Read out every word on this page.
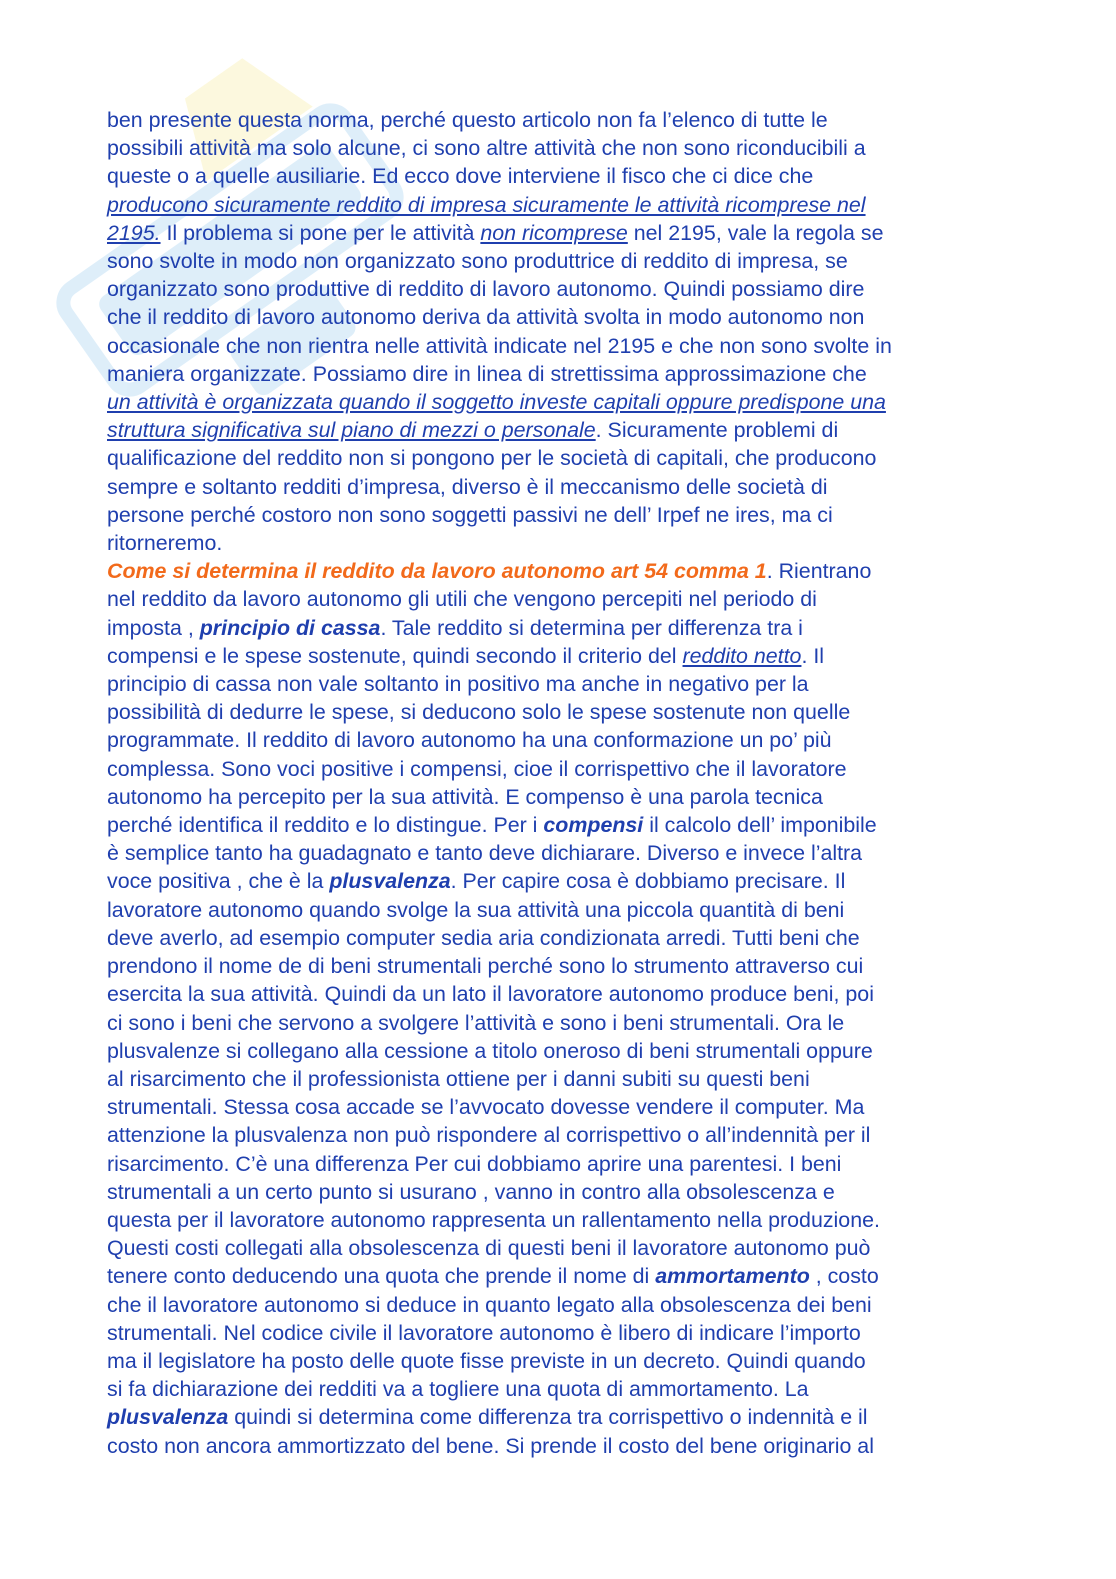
ben presente questa norma, perché questo articolo non fa l’elenco di tutte le
possibili attività ma solo alcune, ci sono altre attività che non sono riconducibili a
queste o a quelle ausiliarie. Ed ecco dove interviene il fisco che ci dice che
producono sicuramente reddito di impresa sicuramente le attività ricomprese nel
2195. Il problema si pone per le attività non ricomprese nel 2195, vale la regola se
sono svolte in modo non organizzato sono produttrice di reddito di impresa, se
organizzato sono produttive di reddito di lavoro autonomo. Quindi possiamo dire
che il reddito di lavoro autonomo deriva da attività svolta in modo autonomo non
occasionale che non rientra nelle attività indicate nel 2195 e che non sono svolte in
maniera organizzate. Possiamo dire in linea di strettissima approssimazione che
un attività è organizzata quando il soggetto investe capitali oppure predispone una
struttura significativa sul piano di mezzi o personale. Sicuramente problemi di
qualificazione del reddito non si pongono per le società di capitali, che producono
sempre e soltanto redditi d’impresa, diverso è il meccanismo delle società di
persone perché costoro non sono soggetti passivi ne dell’ Irpef ne ires, ma ci
ritorneremo.
Come si determina il reddito da lavoro autonomo art 54 comma 1. Rientrano
nel reddito da lavoro autonomo gli utili che vengono percepiti nel periodo di
imposta , principio di cassa. Tale reddito si determina per differenza tra i
compensi e le spese sostenute, quindi secondo il criterio del reddito netto. Il
principio di cassa non vale soltanto in positivo ma anche in negativo per la
possibilità di dedurre le spese, si deducono solo le spese sostenute non quelle
programmate. Il reddito di lavoro autonomo ha una conformazione un po’ più
complessa. Sono voci positive i compensi, cioe il corrispettivo che il lavoratore
autonomo ha percepito per la sua attività. E compenso è una parola tecnica
perché identifica il reddito e lo distingue. Per i compensi il calcolo dell’ imponibile
è semplice tanto ha guadagnato e tanto deve dichiarare. Diverso e invece l’altra
voce positiva , che è la plusvalenza. Per capire cosa è dobbiamo precisare. Il
lavoratore autonomo quando svolge la sua attività una piccola quantità di beni
deve averlo, ad esempio computer sedia aria condizionata arredi. Tutti beni che
prendono il nome de di beni strumentali perché sono lo strumento attraverso cui
esercita la sua attività. Quindi da un lato il lavoratore autonomo produce beni, poi
ci sono i beni che servono a svolgere l’attività e sono i beni strumentali. Ora le
plusvalenze si collegano alla cessione a titolo oneroso di beni strumentali oppure
al risarcimento che il professionista ottiene per i danni subiti su questi beni
strumentali. Stessa cosa accade se l’avvocato dovesse vendere il computer. Ma
attenzione la plusvalenza non può rispondere al corrispettivo o all’indennità per il
risarcimento. C’è una differenza Per cui dobbiamo aprire una parentesi. I beni
strumentali a un certo punto si usurano , vanno in contro alla obsolescenza e
questa per il lavoratore autonomo rappresenta un rallentamento nella produzione.
Questi costi collegati alla obsolescenza di questi beni il lavoratore autonomo può
tenere conto deducendo una quota che prende il nome di ammortamento , costo
che il lavoratore autonomo si deduce in quanto legato alla obsolescenza dei beni
strumentali. Nel codice civile il lavoratore autonomo è libero di indicare l’importo
ma il legislatore ha posto delle quote fisse previste in un decreto. Quindi quando
si fa dichiarazione dei redditi va a togliere una quota di ammortamento. La
plusvalenza quindi si determina come differenza tra corrispettivo o indennità e il
costo non ancora ammortizzato del bene. Si prende il costo del bene originario al
